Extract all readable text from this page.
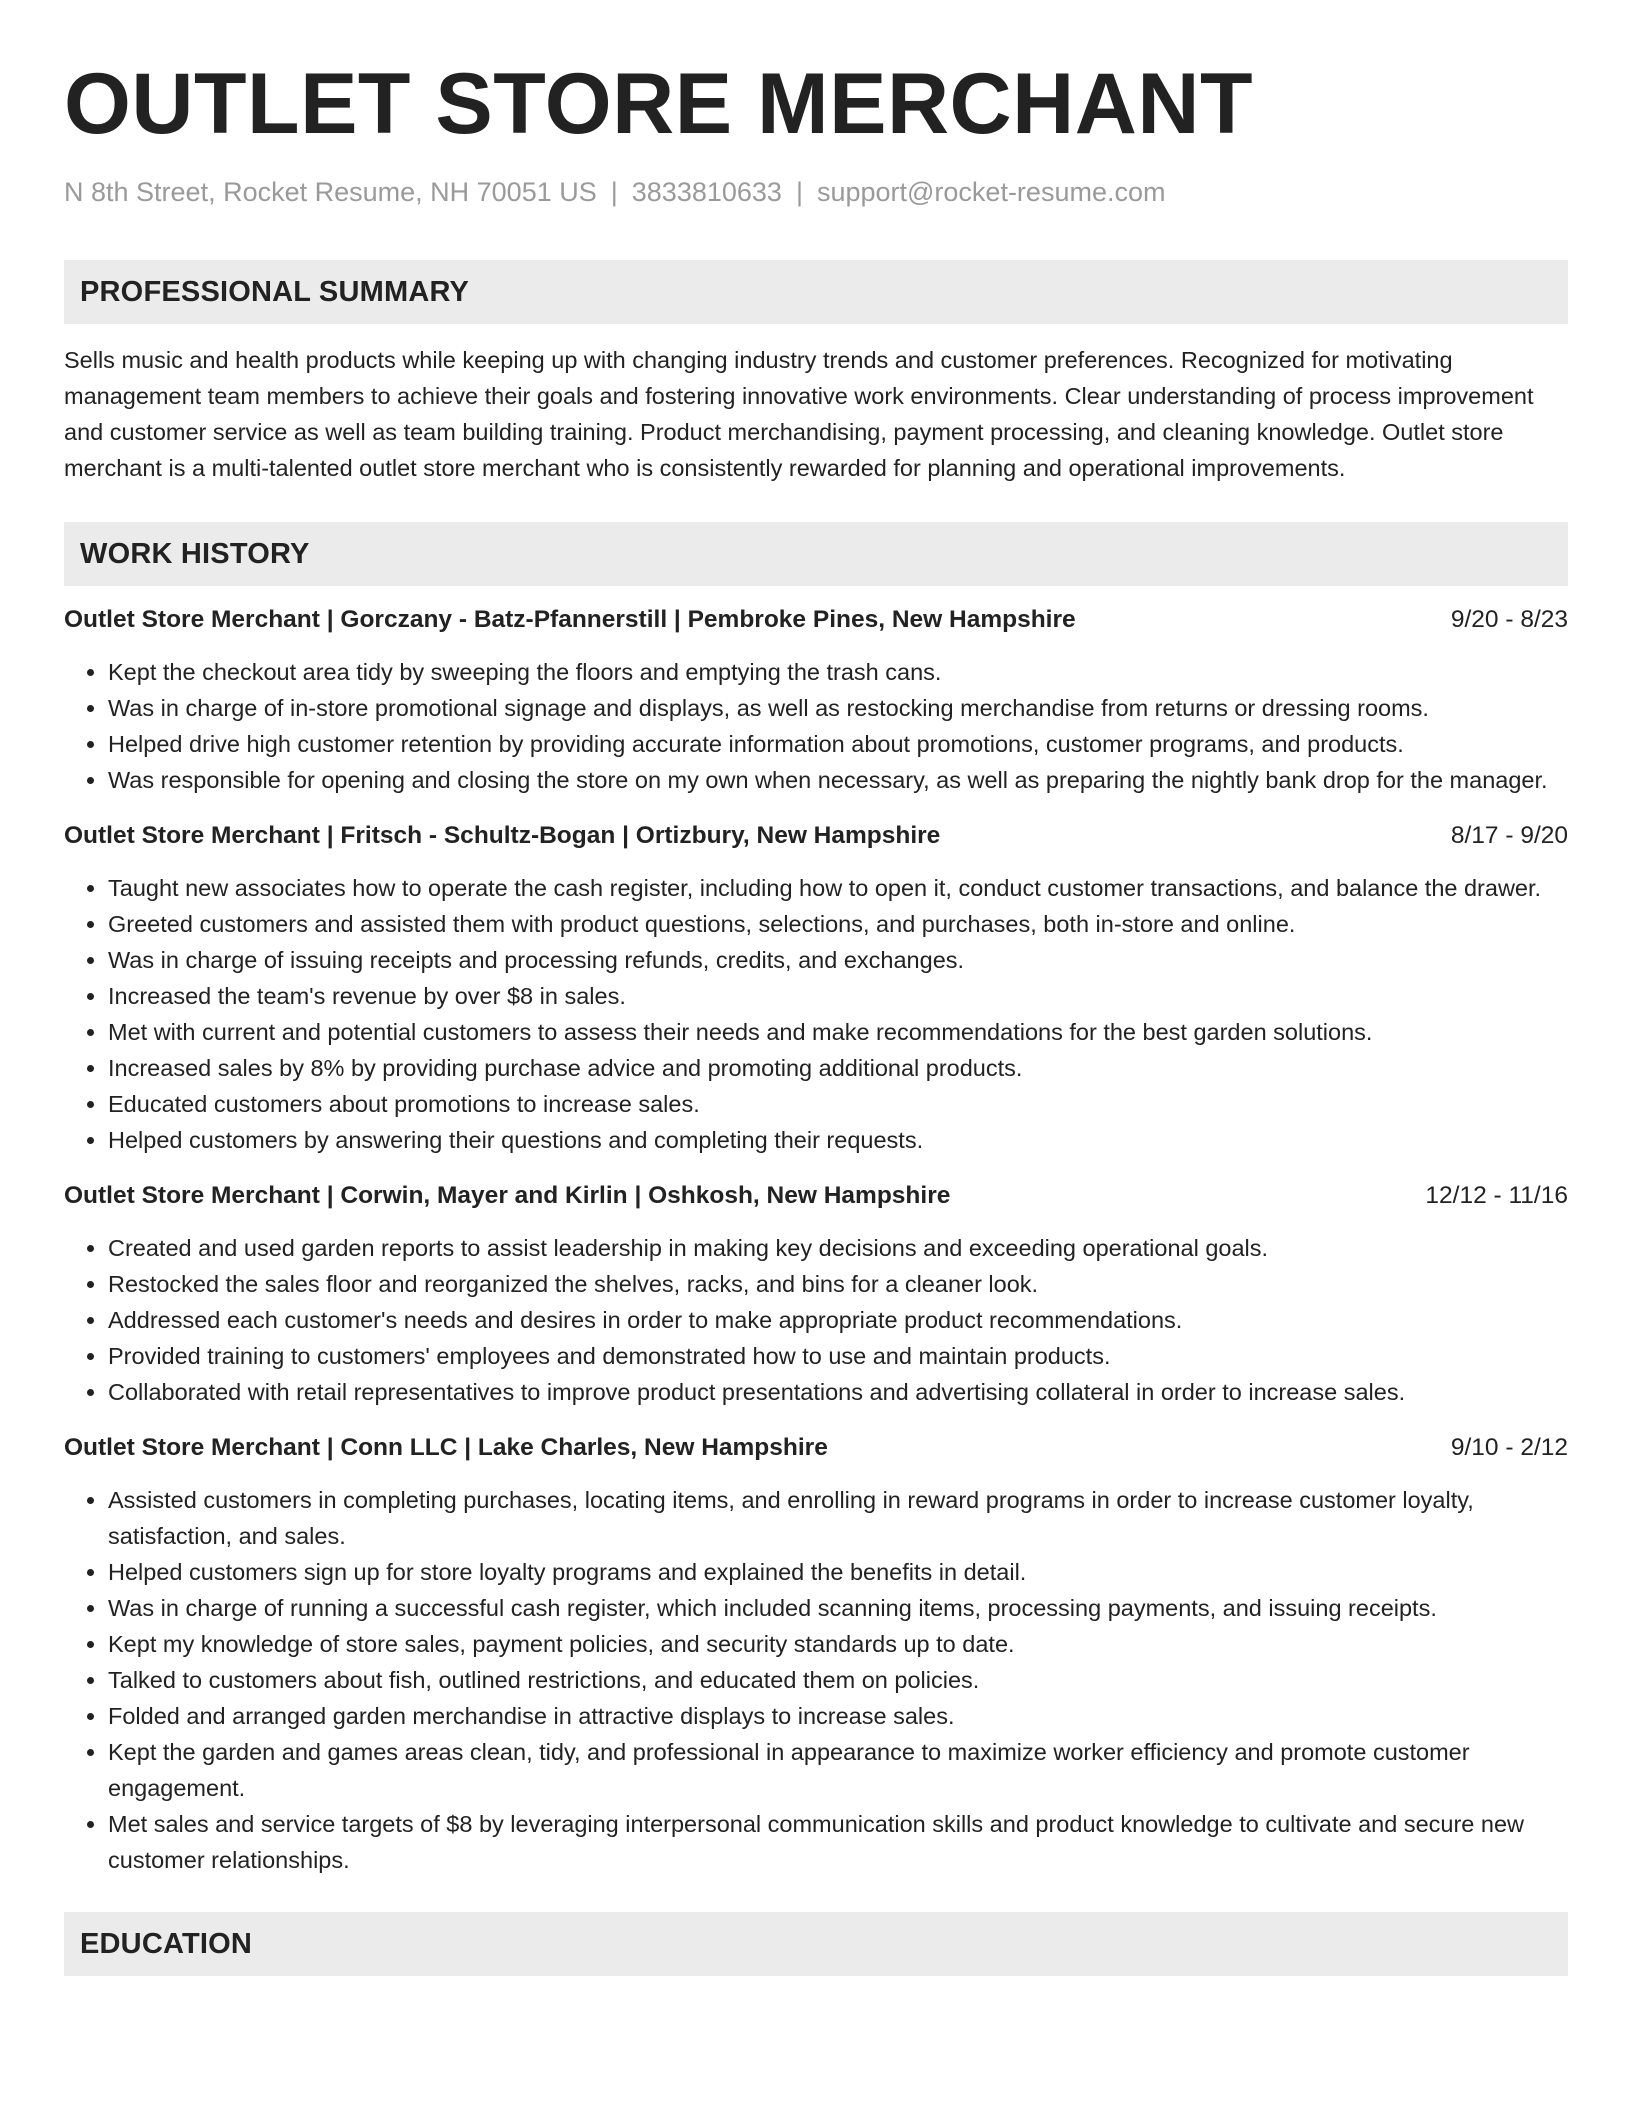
OUTLET STORE MERCHANT
N 8th Street, Rocket Resume, NH 70051 US | 3833810633 | support@rocket-resume.com
PROFESSIONAL SUMMARY
Sells music and health products while keeping up with changing industry trends and customer preferences. Recognized for motivating management team members to achieve their goals and fostering innovative work environments. Clear understanding of process improvement and customer service as well as team building training. Product merchandising, payment processing, and cleaning knowledge. Outlet store merchant is a multi-talented outlet store merchant who is consistently rewarded for planning and operational improvements.
WORK HISTORY
Outlet Store Merchant | Gorczany - Batz-Pfannerstill | Pembroke Pines, New Hampshire	9/20 - 8/23
• Kept the checkout area tidy by sweeping the floors and emptying the trash cans.
• Was in charge of in-store promotional signage and displays, as well as restocking merchandise from returns or dressing rooms.
• Helped drive high customer retention by providing accurate information about promotions, customer programs, and products.
• Was responsible for opening and closing the store on my own when necessary, as well as preparing the nightly bank drop for the manager.
Outlet Store Merchant | Fritsch - Schultz-Bogan | Ortizbury, New Hampshire	8/17 - 9/20
• Taught new associates how to operate the cash register, including how to open it, conduct customer transactions, and balance the drawer.
• Greeted customers and assisted them with product questions, selections, and purchases, both in-store and online.
• Was in charge of issuing receipts and processing refunds, credits, and exchanges.
• Increased the team's revenue by over $8 in sales.
• Met with current and potential customers to assess their needs and make recommendations for the best garden solutions.
• Increased sales by 8% by providing purchase advice and promoting additional products.
• Educated customers about promotions to increase sales.
• Helped customers by answering their questions and completing their requests.
Outlet Store Merchant | Corwin, Mayer and Kirlin | Oshkosh, New Hampshire	12/12 - 11/16
• Created and used garden reports to assist leadership in making key decisions and exceeding operational goals.
• Restocked the sales floor and reorganized the shelves, racks, and bins for a cleaner look.
• Addressed each customer's needs and desires in order to make appropriate product recommendations.
• Provided training to customers' employees and demonstrated how to use and maintain products.
• Collaborated with retail representatives to improve product presentations and advertising collateral in order to increase sales.
Outlet Store Merchant | Conn LLC | Lake Charles, New Hampshire	9/10 - 2/12
• Assisted customers in completing purchases, locating items, and enrolling in reward programs in order to increase customer loyalty, satisfaction, and sales.
• Helped customers sign up for store loyalty programs and explained the benefits in detail.
• Was in charge of running a successful cash register, which included scanning items, processing payments, and issuing receipts.
• Kept my knowledge of store sales, payment policies, and security standards up to date.
• Talked to customers about fish, outlined restrictions, and educated them on policies.
• Folded and arranged garden merchandise in attractive displays to increase sales.
• Kept the garden and games areas clean, tidy, and professional in appearance to maximize worker efficiency and promote customer engagement.
• Met sales and service targets of $8 by leveraging interpersonal communication skills and product knowledge to cultivate and secure new customer relationships.
EDUCATION
